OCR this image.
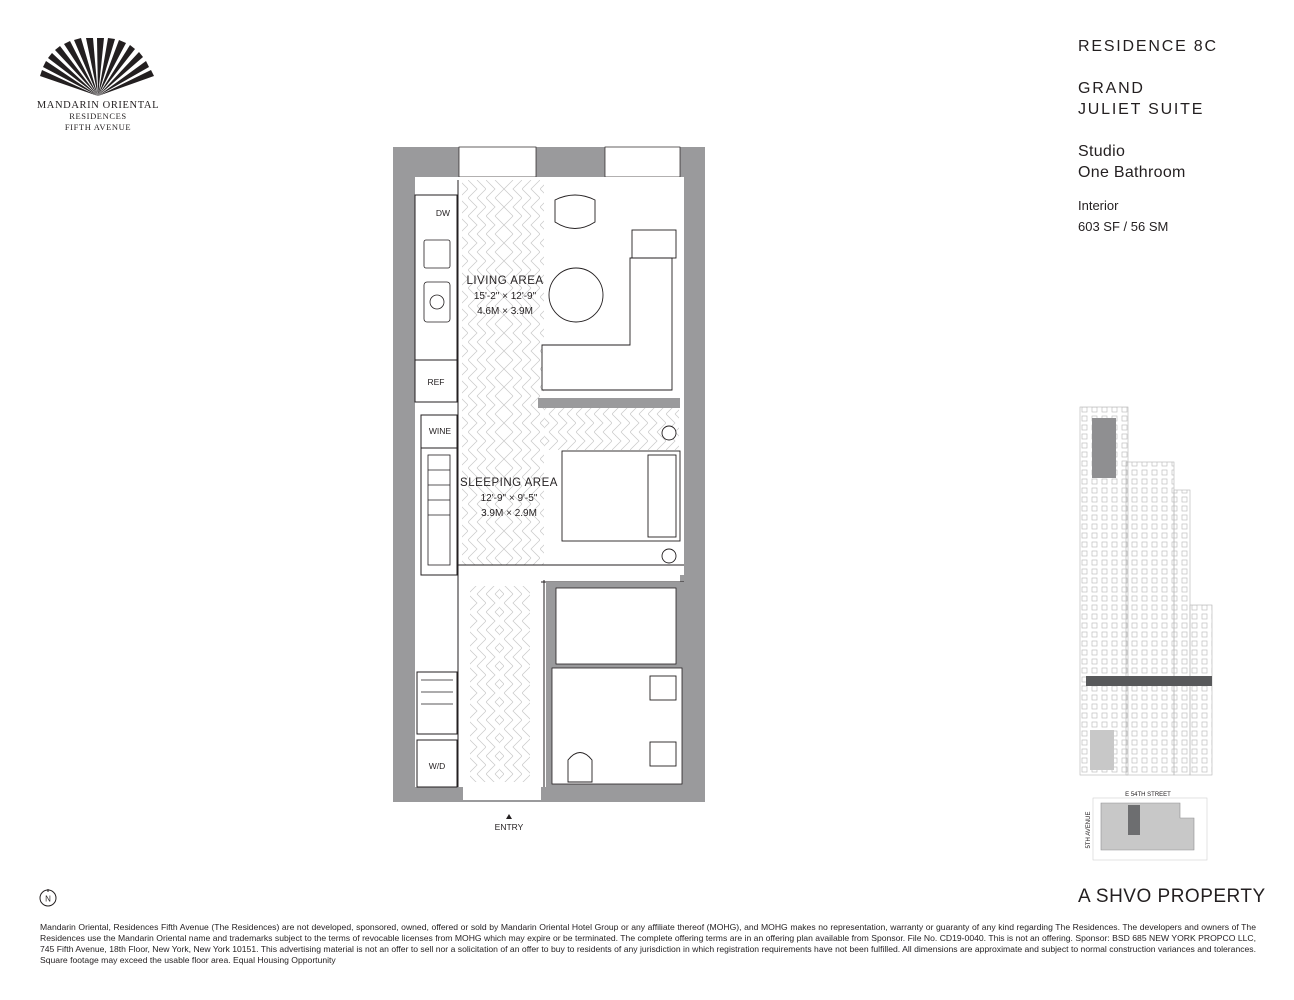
MANDARIN ORIENTAL
RESIDENCES
FIFTH AVENUE
RESIDENCE 8C
GRAND
JULIET SUITE
Studio
One Bathroom
Interior
603 SF / 56 SM
LIVING AREA
15'-2" × 12'-9"
4.6M × 3.9M
SLEEPING AREA
12'-9" × 9'-5"
3.9M × 2.9M
DW
REF
WINE
W/D
ENTRY
E 54TH STREET
5TH AVENUE
N	A SHVO PROPERTY
Mandarin Oriental, Residences Fifth Avenue (The Residences) are not developed, sponsored, owned, offered or sold by Mandarin Oriental Hotel Group or any affiliate thereof (MOHG), and MOHG makes no representation, warranty or guaranty of any kind regarding The Residences. The developers and owners of The Residences use the Mandarin Oriental name and trademarks subject to the terms of revocable licenses from MOHG which may expire or be terminated. The complete offering terms are in an offering plan available from Sponsor. File No. CD19-0040. This is not an offering. Sponsor: BSD 685 NEW YORK PROPCO LLC, 745 Fifth Avenue, 18th Floor, New York, New York 10151. This advertising material is not an offer to sell nor a solicitation of an offer to buy to residents of any jurisdiction in which registration requirements have not been fulfilled. All dimensions are approximate and subject to normal construction variances and tolerances. Square footage may exceed the usable floor area. Equal Housing Opportunity
